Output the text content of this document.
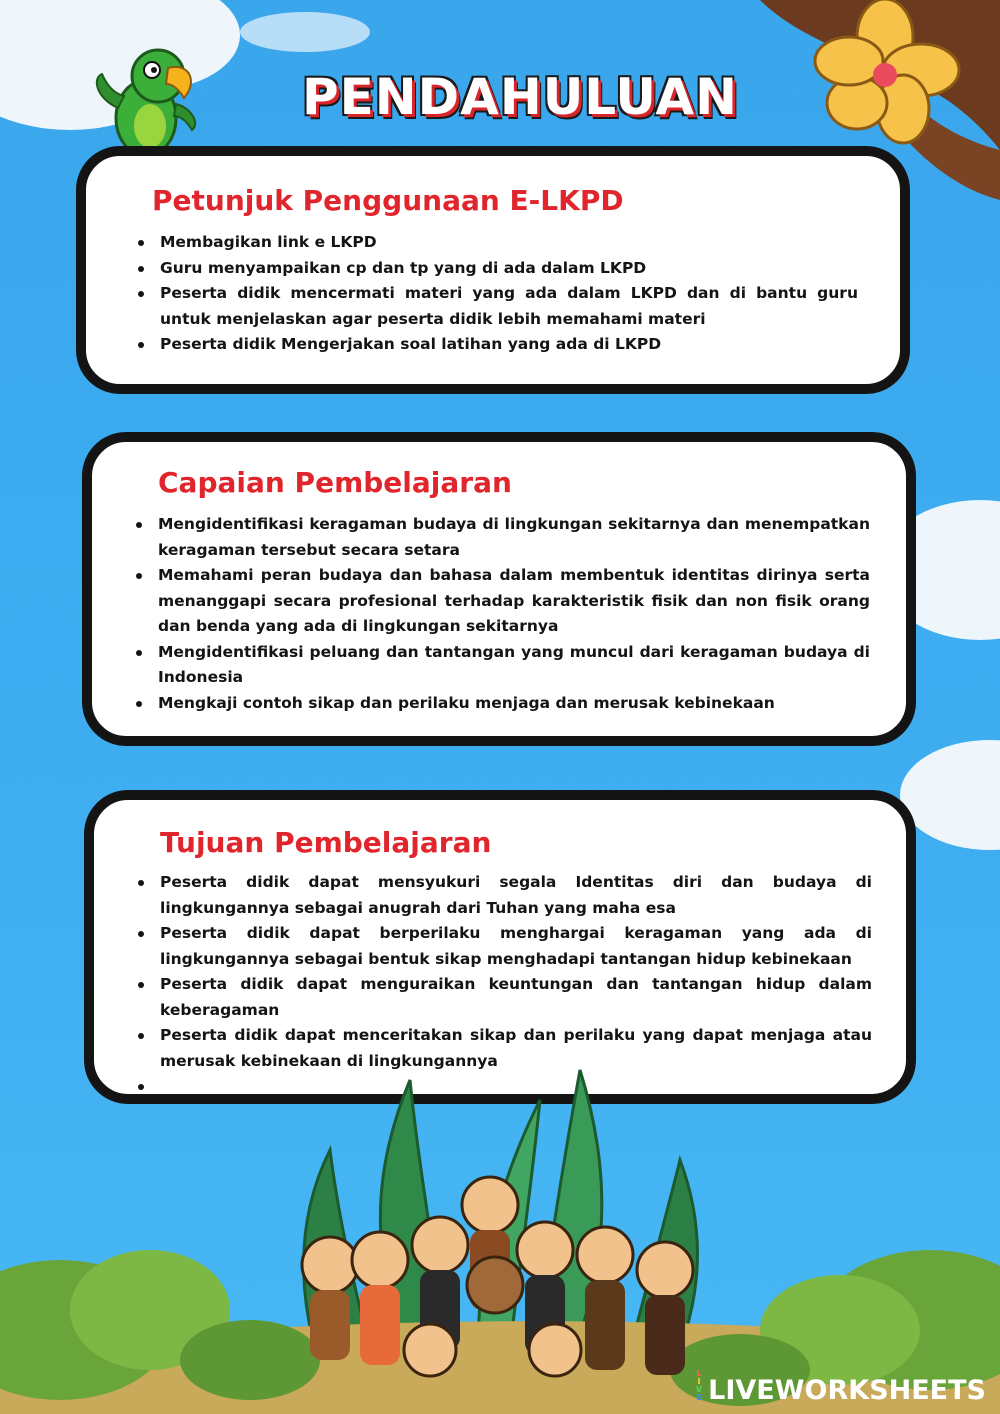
PENDAHULUAN
Petunjuk Penggunaan E-LKPD
Membagikan link e LKPD
Guru menyampaikan cp dan tp yang di ada dalam LKPD
Peserta didik mencermati materi yang ada dalam LKPD dan di bantu guru untuk menjelaskan agar peserta didik lebih memahami materi
Peserta didik Mengerjakan soal latihan yang ada di LKPD
Capaian Pembelajaran
Mengidentifikasi keragaman budaya di lingkungan sekitarnya dan menempatkan keragaman tersebut secara setara
Memahami peran budaya dan bahasa dalam membentuk identitas dirinya serta menanggapi secara profesional terhadap karakteristik fisik dan non fisik orang dan benda yang ada di lingkungan sekitarnya
Mengidentifikasi peluang dan tantangan yang muncul dari keragaman budaya di Indonesia
Mengkaji contoh sikap dan perilaku menjaga dan merusak kebinekaan
Tujuan Pembelajaran
Peserta didik dapat mensyukuri segala Identitas diri dan budaya di lingkungannya sebagai anugrah dari Tuhan yang maha esa
Peserta didik dapat berperilaku menghargai keragaman yang ada di lingkungannya sebagai bentuk sikap menghadapi tantangan hidup kebinekaan
Peserta didik dapat menguraikan keuntungan dan tantangan hidup dalam keberagaman
Peserta didik dapat menceritakan sikap dan perilaku yang dapat menjaga atau merusak kebinekaan di lingkungannya
L
I
V
E LIVEWORKSHEETS
